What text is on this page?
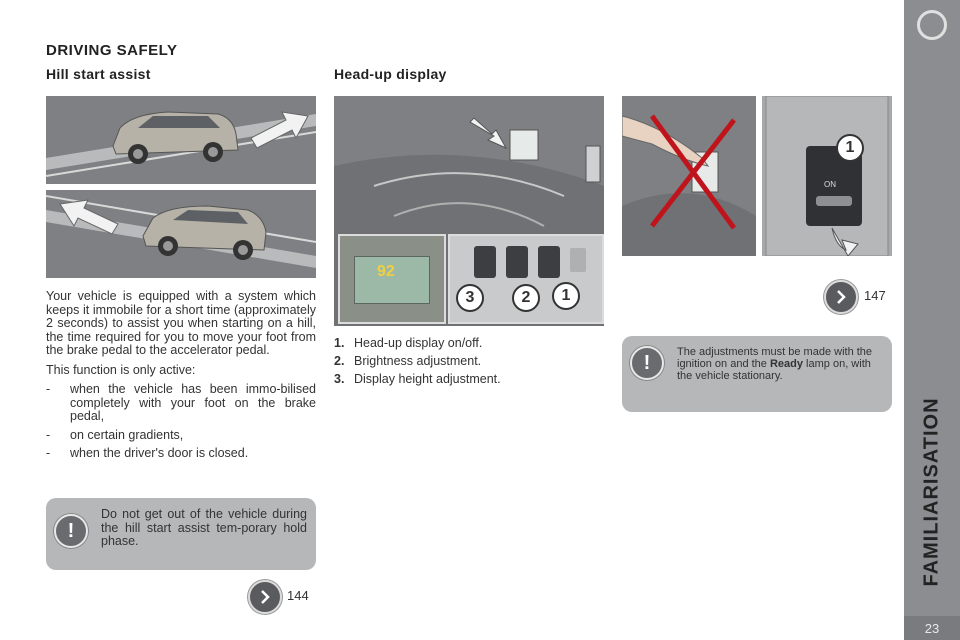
DRIVING SAFELY
Hill start assist

Your vehicle is equipped with a system which keeps it immobile for a short time (approximately 2 seconds) to assist you when starting on a hill, the time required for you to move your foot from the brake pedal to the accelerator pedal.

This function is only active:

- when the vehicle has been immo-bilised completely with your foot on the brake pedal,
- on certain gradients,
- when the driver's door is closed.
!
Do not get out of the vehicle during the hill start assist tem-porary hold phase.
144
Head-up display
92
3	2	1
1. Head-up display on/off.
2. Brightness adjustment.
3. Display height adjustment.
1
ON
147
!	The adjustments must be made with the ignition on and the Ready lamp on, with the vehicle stationary.
FAMILIARISATION
23
